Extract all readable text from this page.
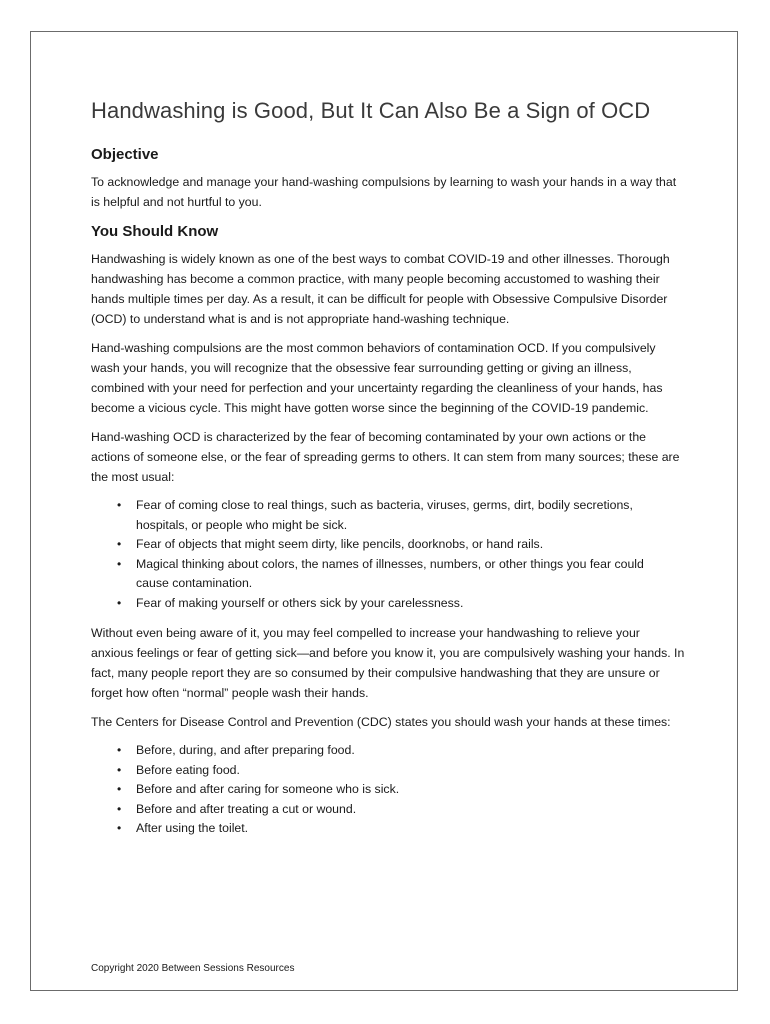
Handwashing is Good, But It Can Also Be a Sign of OCD
Objective

To acknowledge and manage your hand-washing compulsions by learning to wash your hands in a way that is helpful and not hurtful to you.

You Should Know

Handwashing is widely known as one of the best ways to combat COVID-19 and other illnesses. Thorough handwashing has become a common practice, with many people becoming accustomed to washing their hands multiple times per day. As a result, it can be difficult for people with Obsessive Compulsive Disorder (OCD) to understand what is and is not appropriate hand-washing technique.

Hand-washing compulsions are the most common behaviors of contamination OCD. If you compulsively wash your hands, you will recognize that the obsessive fear surrounding getting or giving an illness, combined with your need for perfection and your uncertainty regarding the cleanliness of your hands, has become a vicious cycle. This might have gotten worse since the beginning of the COVID-19 pandemic.

Hand-washing OCD is characterized by the fear of becoming contaminated by your own actions or the actions of someone else, or the fear of spreading germs to others. It can stem from many sources; these are the most usual:

• Fear of coming close to real things, such as bacteria, viruses, germs, dirt, bodily secretions, hospitals, or people who might be sick.
• Fear of objects that might seem dirty, like pencils, doorknobs, or hand rails.
• Magical thinking about colors, the names of illnesses, numbers, or other things you fear could cause contamination.
• Fear of making yourself or others sick by your carelessness.

Without even being aware of it, you may feel compelled to increase your handwashing to relieve your anxious feelings or fear of getting sick—and before you know it, you are compulsively washing your hands. In fact, many people report they are so consumed by their compulsive handwashing that they are unsure or forget how often “normal” people wash their hands.

The Centers for Disease Control and Prevention (CDC) states you should wash your hands at these times:

• Before, during, and after preparing food.
• Before eating food.
• Before and after caring for someone who is sick.
• Before and after treating a cut or wound.
• After using the toilet.
Copyright 2020 Between Sessions Resources
